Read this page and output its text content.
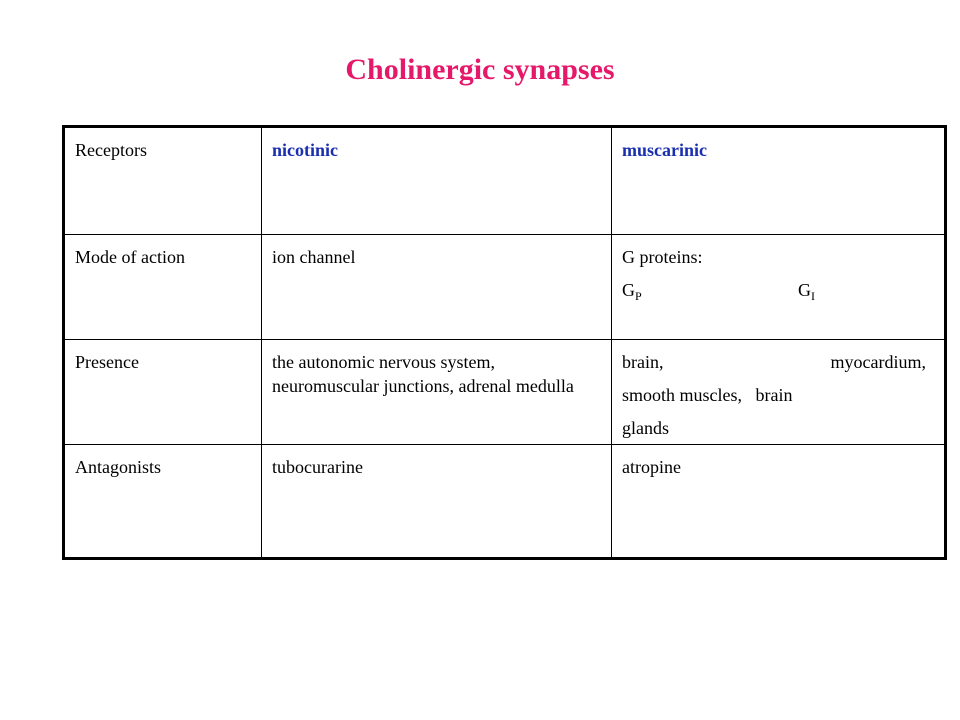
Cholinergic synapses
Receptors	nicotinic	muscarinic
Mode of action	ion channel	G proteins:
$G_P$ $G_I$

Presence	the autonomic nervous system, neuromuscular junctions, adrenal medulla	brain, myocardium,
smooth muscles,   brain
glands

Antagonists	tubocurarine	atropine
